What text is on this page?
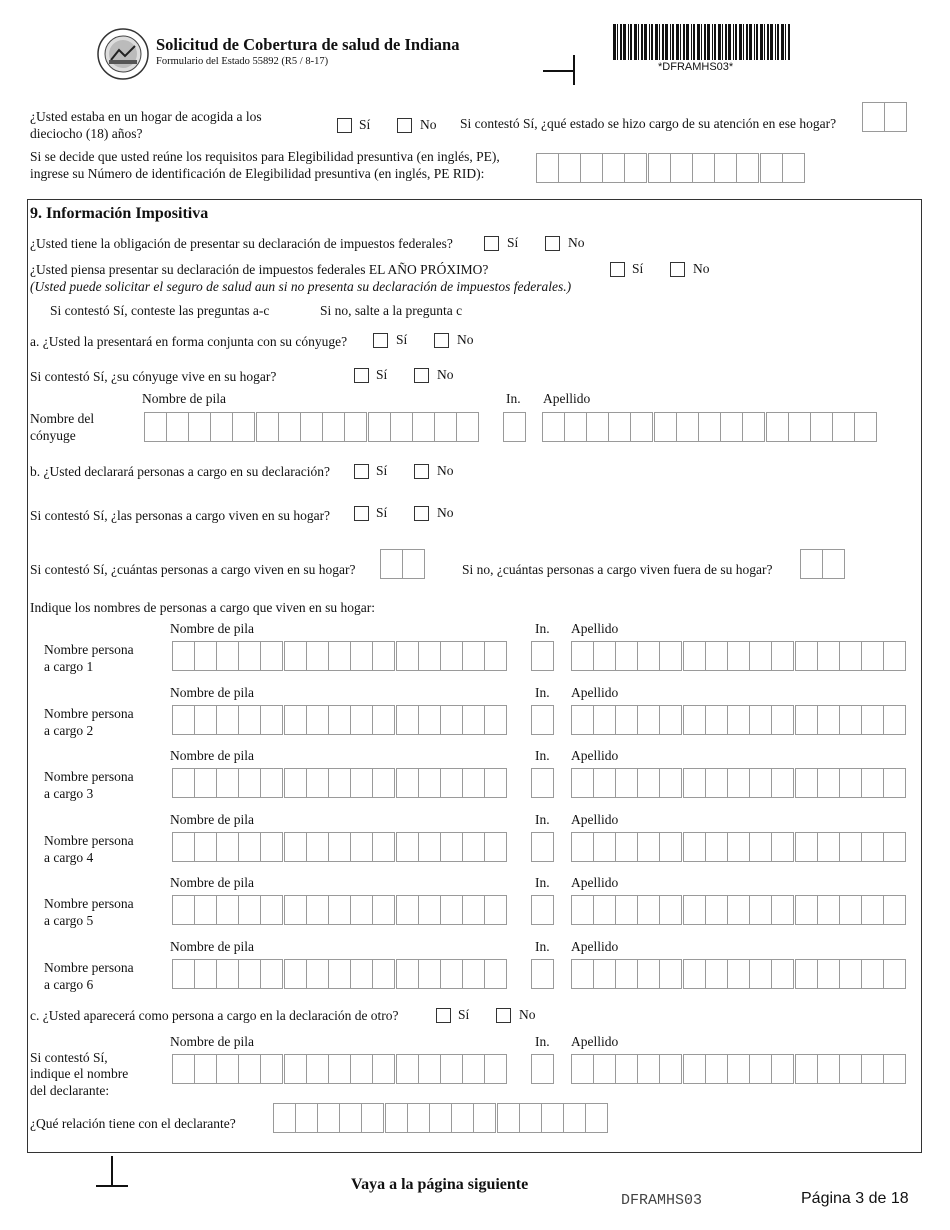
Solicitud de Cobertura de salud de Indiana
Formulario del Estado 55892 (R5 / 8-17)	*DFRAMHS03*
¿Usted estaba en un hogar de acogida a los
dieciocho (18) años?
Sí	No Si contestó Sí, ¿qué estado se hizo cargo de su atención en ese hogar?
Si se decide que usted reúne los requisitos para Elegibilidad presuntiva (en inglés, PE),
ingrese su Número de identificación de Elegibilidad presuntiva (en inglés, PE RID):
9. Información Impositiva
¿Usted tiene la obligación de presentar su declaración de impuestos federales?	Sí	No
¿Usted piensa presentar su declaración de impuestos federales EL AÑO PRÓXIMO?
(Usted puede solicitar el seguro de salud aun si no presenta su declaración de impuestos federales.)
Sí	No
Si contestó Sí, conteste las preguntas a-c	Si no, salte a la pregunta c
a. ¿Usted la presentará en forma conjunta con su cónyuge?	Sí	No
Si contestó Sí, ¿su cónyuge vive en su hogar?	Sí	No
Nombre de pila	In. Apellido
Nombre del
cónyuge
b. ¿Usted declarará personas a cargo en su declaración?	Sí	No
Si contestó Sí, ¿las personas a cargo viven en su hogar?	Sí	No
Si contestó Sí, ¿cuántas personas a cargo viven en su hogar?	Si no, ¿cuántas personas a cargo viven fuera de su hogar?
Indique los nombres de personas a cargo que viven en su hogar:
Nombre de pila	In. Apellido
Nombre persona
a cargo 1
Nombre de pila	In. Apellido
Nombre persona
a cargo 2
Nombre de pila	In. Apellido
Nombre persona
a cargo 3
Nombre de pila	In. Apellido
Nombre persona
a cargo 4
Nombre de pila	In. Apellido
Nombre persona
a cargo 5
Nombre de pila	In. Apellido
Nombre persona
a cargo 6
c. ¿Usted aparecerá como persona a cargo en la declaración de otro?	Sí	No
Nombre de pila	In. Apellido
Si contestó Sí,
indique el nombre
del declarante:
¿Qué relación tiene con el declarante?
Vaya a la página siguiente
DFRAMHS03	Página 3 de 18
